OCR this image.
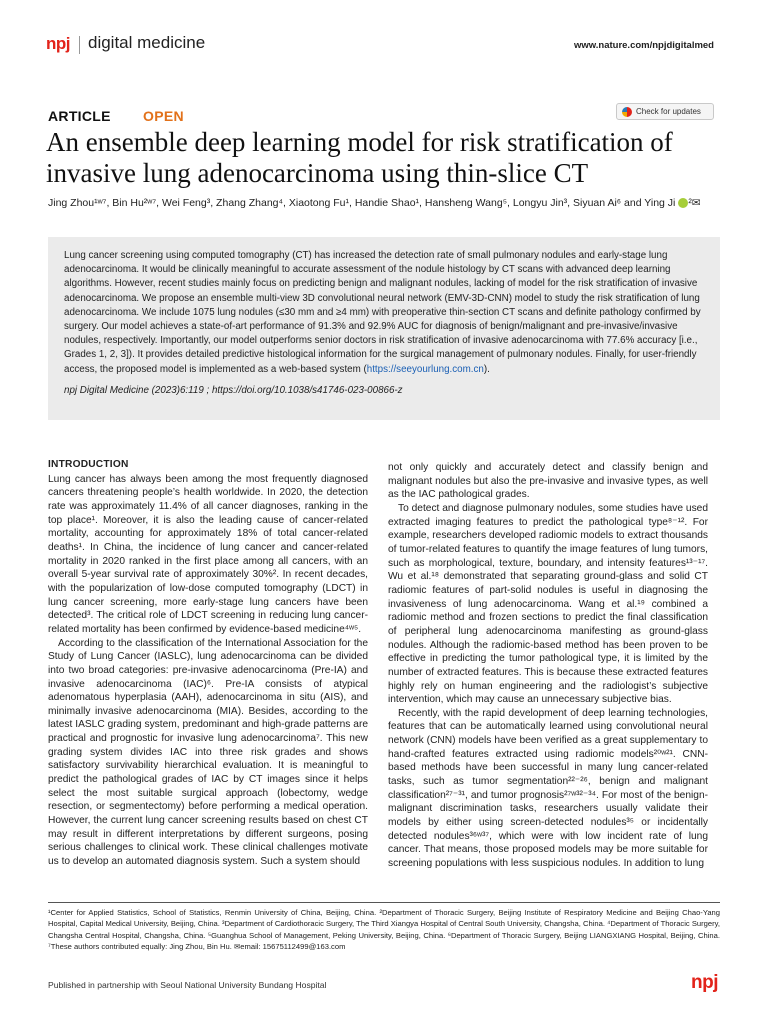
npj digital medicine	www.nature.com/npjdigitalmed
ARTICLE OPEN	Check for updates
An ensemble deep learning model for risk stratification of invasive lung adenocarcinoma using thin-slice CT
Jing Zhou¹ʷ⁷, Bin Hu²ʷ⁷, Wei Feng³, Zhang Zhang⁴, Xiaotong Fu¹, Handie Shao¹, Hansheng Wang⁵, Longyu Jin³, Siyuan Ai⁶ and Ying Ji ²✉
Lung cancer screening using computed tomography (CT) has increased the detection rate of small pulmonary nodules and early-stage lung adenocarcinoma. It would be clinically meaningful to accurate assessment of the nodule histology by CT scans with advanced deep learning algorithms. However, recent studies mainly focus on predicting benign and malignant nodules, lacking of model for the risk stratification of invasive adenocarcinoma. We propose an ensemble multi-view 3D convolutional neural network (EMV-3D-CNN) model to study the risk stratification of lung adenocarcinoma. We include 1075 lung nodules (≤30 mm and ≥4 mm) with preoperative thin-section CT scans and definite pathology confirmed by surgery. Our model achieves a state-of-art performance of 91.3% and 92.9% AUC for diagnosis of benign/malignant and pre-invasive/invasive nodules, respectively. Importantly, our model outperforms senior doctors in risk stratification of invasive adenocarcinoma with 77.6% accuracy [i.e., Grades 1, 2, 3]). It provides detailed predictive histological information for the surgical management of pulmonary nodules. Finally, for user-friendly access, the proposed model is implemented as a web-based system (https://seeyourlung.com.cn).
npj Digital Medicine (2023)6:119 ; https://doi.org/10.1038/s41746-023-00866-z
INTRODUCTION
Lung cancer has always been among the most frequently diagnosed cancers threatening people’s health worldwide. In 2020, the detection rate was approximately 11.4% of all cancer diagnoses, ranking in the top place¹. Moreover, it is also the leading cause of cancer-related mortality, accounting for approximately 18% of total cancer-related deaths¹. In China, the incidence of lung cancer and cancer-related mortality in 2020 ranked in the first place among all cancers, with an overall 5-year survival rate of approximately 30%². In recent decades, with the popularization of low-dose computed tomography (LDCT) in lung cancer screening, more early-stage lung cancers have been detected³. The critical role of LDCT screening in reducing lung cancer-related mortality has been confirmed by evidence-based medicine⁴ʷ⁵.
According to the classification of the International Association for the Study of Lung Cancer (IASLC), lung adenocarcinoma can be divided into two broad categories: pre-invasive adenocarcinoma (Pre-IA) and invasive adenocarcinoma (IAC)⁶. Pre-IA consists of atypical adenomatous hyperplasia (AAH), adenocarcinoma in situ (AIS), and minimally invasive adenocarcinoma (MIA). Besides, according to the latest IASLC grading system, predominant and high-grade patterns are practical and prognostic for invasive lung adenocarcinoma⁷. This new grading system divides IAC into three risk grades and shows satisfactory survivability hierarchical evaluation. It is meaningful to predict the pathological grades of IAC by CT images since it helps select the most suitable surgical approach (lobectomy, wedge resection, or segmentectomy) before performing a medical operation. However, the current lung cancer screening results based on chest CT may result in different interpretations by different surgeons, posing serious challenges to clinical work. These clinical challenges motivate us to develop an automated diagnosis system. Such a system should
not only quickly and accurately detect and classify benign and malignant nodules but also the pre-invasive and invasive types, as well as the IAC pathological grades.
To detect and diagnose pulmonary nodules, some studies have used extracted imaging features to predict the pathological type⁸⁻¹². For example, researchers developed radiomic models to extract thousands of tumor-related features to quantify the image features of lung tumors, such as morphological, texture, boundary, and intensity features¹³⁻¹⁷. Wu et al.¹⁸ demonstrated that separating ground-glass and solid CT radiomic features of part-solid nodules is useful in diagnosing the invasiveness of lung adenocarcinoma. Wang et al.¹⁹ combined a radiomic method and frozen sections to predict the final classification of peripheral lung adenocarcinoma manifesting as ground-glass nodules. Although the radiomic-based method has been proven to be effective in predicting the tumor pathological type, it is limited by the number of extracted features. This is because these extracted features highly rely on human engineering and the radiologist’s subjective intervention, which may cause an unnecessary subjective bias.
Recently, with the rapid development of deep learning technologies, features that can be automatically learned using convolutional neural network (CNN) models have been verified as a great supplementary to hand-crafted features extracted using radiomic models²⁰ʷ²¹. CNN-based methods have been successful in many lung cancer-related tasks, such as tumor segmentation²²⁻²⁶, benign and malignant classification²⁷⁻³¹, and tumor prognosis²⁷ʷ³²⁻³⁴. For most of the benign-malignant discrimination tasks, researchers usually validate their models by either using screen-detected nodules³⁵ or incidentally detected nodules³⁶ʷ³⁷, which were with low incident rate of lung cancer. That means, those proposed models may be more suitable for screening populations with less suspicious nodules. In addition to lung
¹Center for Applied Statistics, School of Statistics, Renmin University of China, Beijing, China. ²Department of Thoracic Surgery, Beijing Institute of Respiratory Medicine and Beijing Chao-Yang Hospital, Capital Medical University, Beijing, China. ³Department of Cardiothoracic Surgery, The Third Xiangya Hospital of Central South University, Changsha, China. ⁴Department of Thoracic Surgery, Changsha Central Hospital, Changsha, China. ⁵Guanghua School of Management, Peking University, Beijing, China. ⁶Department of Thoracic Surgery, Beijing LIANGXIANG Hospital, Beijing, China. ⁷These authors contributed equally: Jing Zhou, Bin Hu. ✉email: 15675112499@163.com
Published in partnership with Seoul National University Bundang Hospital	npj
